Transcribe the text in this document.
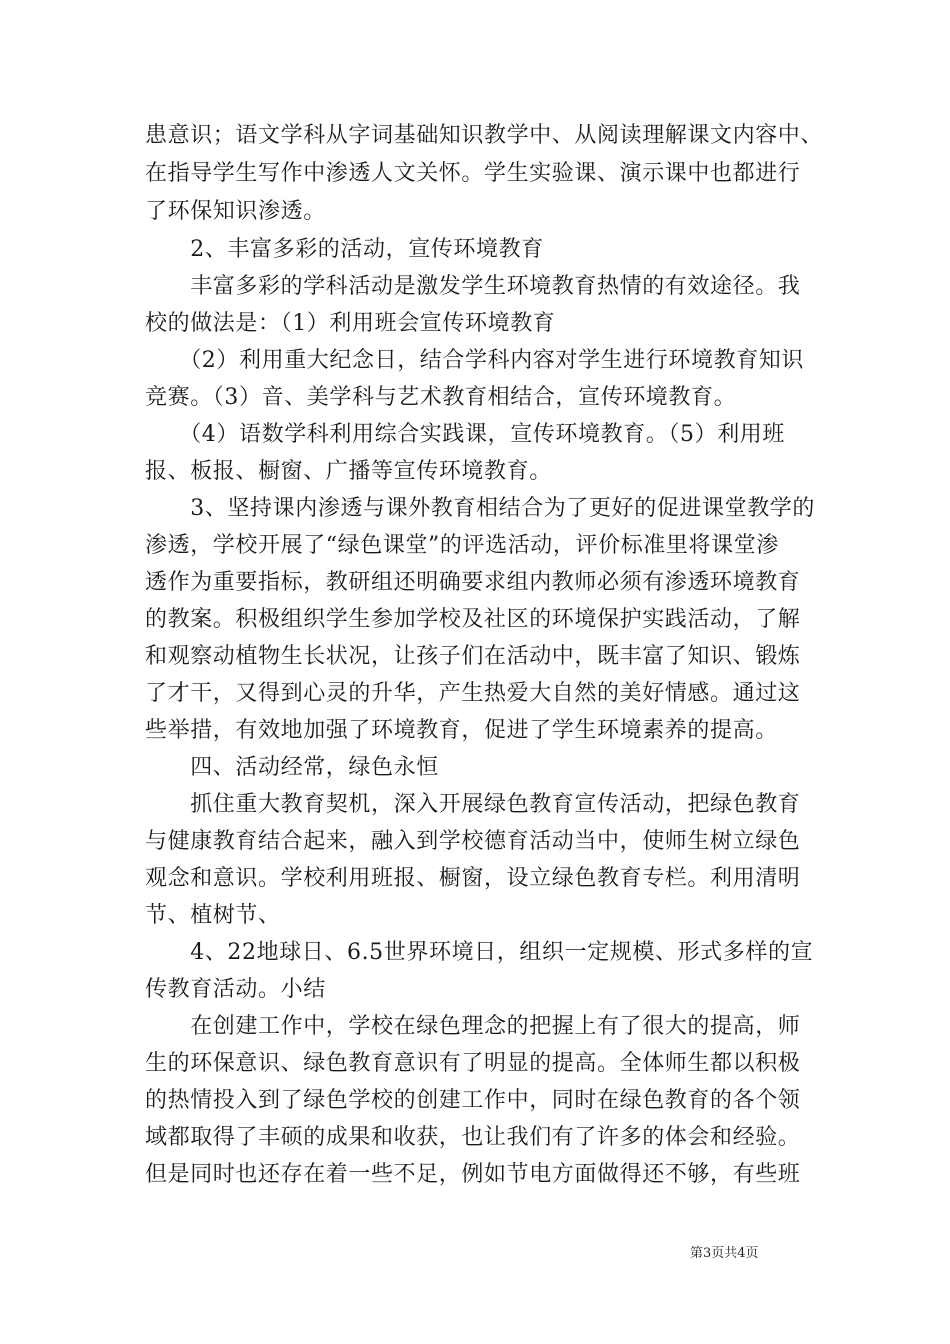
患意识；语文学科从字词基础知识教学中、从阅读理解课文内容中、
在指导学生写作中渗透人文关怀。学生实验课、演示课中也都进行
了环保知识渗透。
　　2、丰富多彩的活动，宣传环境教育
　　丰富多彩的学科活动是激发学生环境教育热情的有效途径。我
校的做法是：（1）利用班会宣传环境教育
　　（2）利用重大纪念日，结合学科内容对学生进行环境教育知识
竞赛。（3）音、美学科与艺术教育相结合，宣传环境教育。
　　（4）语数学科利用综合实践课，宣传环境教育。（5）利用班
报、板报、橱窗、广播等宣传环境教育。
　　3、坚持课内渗透与课外教育相结合为了更好的促进课堂教学的
渗透，学校开展了“绿色课堂”的评选活动，评价标准里将课堂渗
透作为重要指标，教研组还明确要求组内教师必须有渗透环境教育
的教案。积极组织学生参加学校及社区的环境保护实践活动，了解
和观察动植物生长状况，让孩子们在活动中，既丰富了知识、锻炼
了才干，又得到心灵的升华，产生热爱大自然的美好情感。通过这
些举措，有效地加强了环境教育，促进了学生环境素养的提高。
　　四、活动经常，绿色永恒
　　抓住重大教育契机，深入开展绿色教育宣传活动，把绿色教育
与健康教育结合起来，融入到学校德育活动当中，使师生树立绿色
观念和意识。学校利用班报、橱窗，设立绿色教育专栏。利用清明
节、植树节、
　　4、22地球日、6.5世界环境日，组织一定规模、形式多样的宣
传教育活动。小结
　　在创建工作中，学校在绿色理念的把握上有了很大的提高，师
生的环保意识、绿色教育意识有了明显的提高。全体师生都以积极
的热情投入到了绿色学校的创建工作中，同时在绿色教育的各个领
域都取得了丰硕的成果和收获，也让我们有了许多的体会和经验。
但是同时也还存在着一些不足，例如节电方面做得还不够，有些班
第3页共4页
